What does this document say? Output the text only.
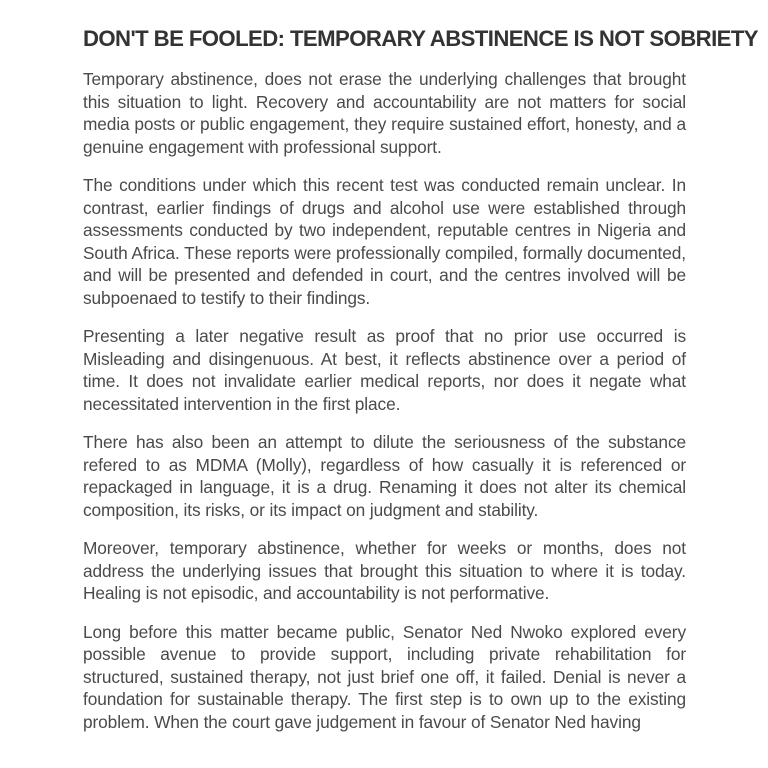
DON'T BE FOOLED: TEMPORARY ABSTINENCE IS NOT SOBRIETY

Temporary abstinence, does not erase the underlying challenges that brought this situation to light. Recovery and accountability are not matters for social media posts or public engagement, they require sustained effort, honesty, and a genuine engagement with professional support.

The conditions under which this recent test was conducted remain unclear. In contrast, earlier findings of drugs and alcohol use were established through assessments conducted by two independent, reputable centres in Nigeria and South Africa. These reports were professionally compiled, formally documented, and will be presented and defended in court, and the centres involved will be subpoenaed to testify to their findings.

Presenting a later negative result as proof that no prior use occurred is Misleading and disingenuous. At best, it reflects abstinence over a period of time. It does not invalidate earlier medical reports, nor does it negate what necessitated intervention in the first place.

There has also been an attempt to dilute the seriousness of the substance refered to as MDMA (Molly), regardless of how casually it is referenced or repackaged in language, it is a drug. Renaming it does not alter its chemical composition, its risks, or its impact on judgment and stability.

Moreover, temporary abstinence, whether for weeks or months, does not address the underlying issues that brought this situation to where it is today. Healing is not episodic, and accountability is not performative.

Long before this matter became public, Senator Ned Nwoko explored every possible avenue to provide support, including private rehabilitation for structured, sustained therapy, not just brief one off, it failed. Denial is never a foundation for sustainable therapy. The first step is to own up to the existing problem. When the court gave judgement in favour of Senator Ned having
